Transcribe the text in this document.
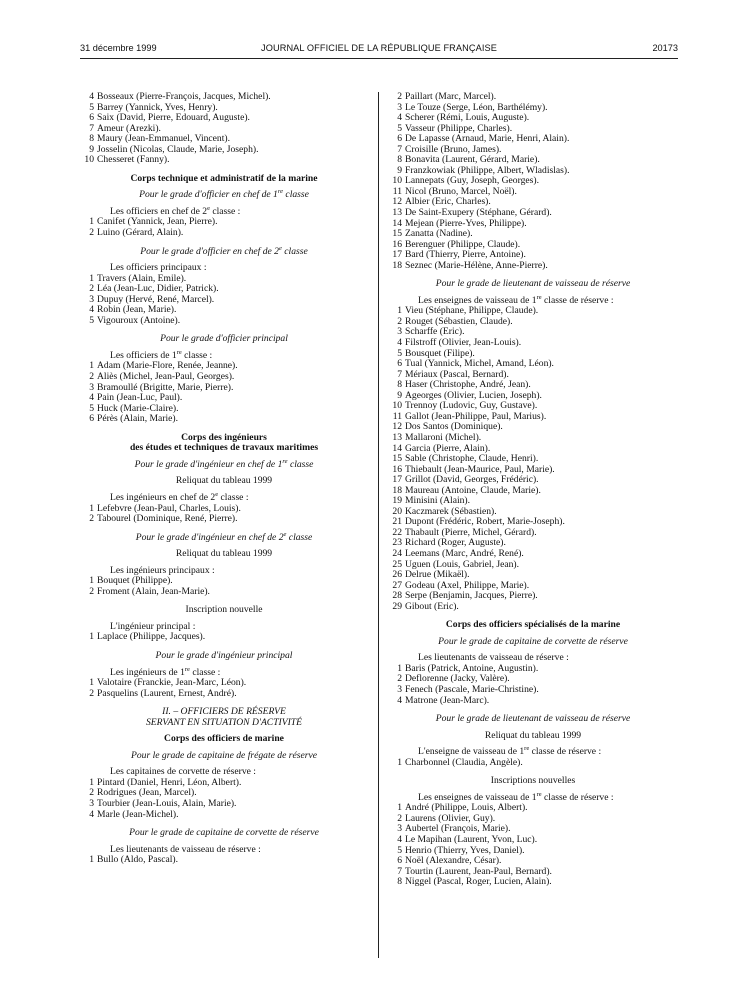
31 décembre 1999	JOURNAL OFFICIEL DE LA RÉPUBLIQUE FRANÇAISE	20173
4 Bosseaux (Pierre-François, Jacques, Michel).
5 Barrey (Yannick, Yves, Henry).
6 Saix (David, Pierre, Edouard, Auguste).
7 Ameur (Arezki).
8 Maury (Jean-Emmanuel, Vincent).
9 Josselin (Nicolas, Claude, Marie, Joseph).
10 Chesseret (Fanny).
Corps technique et administratif de la marine
Pour le grade d'officier en chef de 1re classe
Les officiers en chef de 2e classe :
1 Canifet (Yannick, Jean, Pierre).
2 Luino (Gérard, Alain).
Pour le grade d'officier en chef de 2e classe
Les officiers principaux :
1 Travers (Alain, Emile).
2 Léa (Jean-Luc, Didier, Patrick).
3 Dupuy (Hervé, René, Marcel).
4 Robin (Jean, Marie).
5 Vigouroux (Antoine).
Pour le grade d'officier principal
Les officiers de 1re classe :
1 Adam (Marie-Flore, Renée, Jeanne).
2 Aliès (Michel, Jean-Paul, Georges).
3 Bramoullé (Brigitte, Marie, Pierre).
4 Pain (Jean-Luc, Paul).
5 Huck (Marie-Claire).
6 Pérès (Alain, Marie).
Corps des ingénieurs
des études et techniques de travaux maritimes
Pour le grade d'ingénieur en chef de 1re classe
Reliquat du tableau 1999
Les ingénieurs en chef de 2e classe :
1 Lefebvre (Jean-Paul, Charles, Louis).
2 Tabourel (Dominique, René, Pierre).
Pour le grade d'ingénieur en chef de 2e classe
Reliquat du tableau 1999
Les ingénieurs principaux :
1 Bouquet (Philippe).
2 Froment (Alain, Jean-Marie).
Inscription nouvelle
L'ingénieur principal :
1 Laplace (Philippe, Jacques).
Pour le grade d'ingénieur principal
Les ingénieurs de 1re classe :
1 Valotaire (Franckie, Jean-Marc, Léon).
2 Pasquelins (Laurent, Ernest, André).
II. – OFFICIERS DE RÉSERVE
SERVANT EN SITUATION D'ACTIVITÉ
Corps des officiers de marine
Pour le grade de capitaine de frégate de réserve
Les capitaines de corvette de réserve :
1 Pintard (Daniel, Henri, Léon, Albert).
2 Rodrigues (Jean, Marcel).
3 Tourbier (Jean-Louis, Alain, Marie).
4 Marle (Jean-Michel).
Pour le grade de capitaine de corvette de réserve
Les lieutenants de vaisseau de réserve :
1 Bullo (Aldo, Pascal).
2 Paillart (Marc, Marcel).
3 Le Touze (Serge, Léon, Barthélémy).
4 Scherer (Rémi, Louis, Auguste).
5 Vasseur (Philippe, Charles).
6 De Lapasse (Arnaud, Marie, Henri, Alain).
7 Croisille (Bruno, James).
8 Bonavita (Laurent, Gérard, Marie).
9 Franzkowiak (Philippe, Albert, Wladislas).
10 Lannepats (Guy, Joseph, Georges).
11 Nicol (Bruno, Marcel, Noël).
12 Albier (Eric, Charles).
13 De Saint-Exupery (Stéphane, Gérard).
14 Mejean (Pierre-Yves, Philippe).
15 Zanatta (Nadine).
16 Berenguer (Philippe, Claude).
17 Bard (Thierry, Pierre, Antoine).
18 Seznec (Marie-Hélène, Anne-Pierre).
Pour le grade de lieutenant de vaisseau de réserve
Les enseignes de vaisseau de 1re classe de réserve :
1 Vieu (Stéphane, Philippe, Claude).
2 Rouget (Sébastien, Claude).
3 Scharffe (Eric).
4 Filstroff (Olivier, Jean-Louis).
5 Bousquet (Filipe).
6 Tual (Yannick, Michel, Amand, Léon).
7 Mériaux (Pascal, Bernard).
8 Haser (Christophe, André, Jean).
9 Ageorges (Olivier, Lucien, Joseph).
10 Trennoy (Ludovic, Guy, Gustave).
11 Gallot (Jean-Philippe, Paul, Marius).
12 Dos Santos (Dominique).
13 Mallaroni (Michel).
14 Garcia (Pierre, Alain).
15 Sable (Christophe, Claude, Henri).
16 Thiebault (Jean-Maurice, Paul, Marie).
17 Grillot (David, Georges, Frédéric).
18 Maureau (Antoine, Claude, Marie).
19 Minisini (Alain).
20 Kaczmarek (Sébastien).
21 Dupont (Frédéric, Robert, Marie-Joseph).
22 Thabault (Pierre, Michel, Gérard).
23 Richard (Roger, Auguste).
24 Leemans (Marc, André, René).
25 Uguen (Louis, Gabriel, Jean).
26 Delrue (Mikaël).
27 Godeau (Axel, Philippe, Marie).
28 Serpe (Benjamin, Jacques, Pierre).
29 Gibout (Eric).
Corps des officiers spécialisés de la marine
Pour le grade de capitaine de corvette de réserve
Les lieutenants de vaisseau de réserve :
1 Baris (Patrick, Antoine, Augustin).
2 Deflorenne (Jacky, Valère).
3 Fenech (Pascale, Marie-Christine).
4 Matrone (Jean-Marc).
Pour le grade de lieutenant de vaisseau de réserve
Reliquat du tableau 1999
L'enseigne de vaisseau de 1re classe de réserve :
1 Charbonnel (Claudia, Angèle).
Inscriptions nouvelles
Les enseignes de vaisseau de 1re classe de réserve :
1 André (Philippe, Louis, Albert).
2 Laurens (Olivier, Guy).
3 Aubertel (François, Marie).
4 Le Mapihan (Laurent, Yvon, Luc).
5 Henrio (Thierry, Yves, Daniel).
6 Noël (Alexandre, César).
7 Tourtin (Laurent, Jean-Paul, Bernard).
8 Niggel (Pascal, Roger, Lucien, Alain).
